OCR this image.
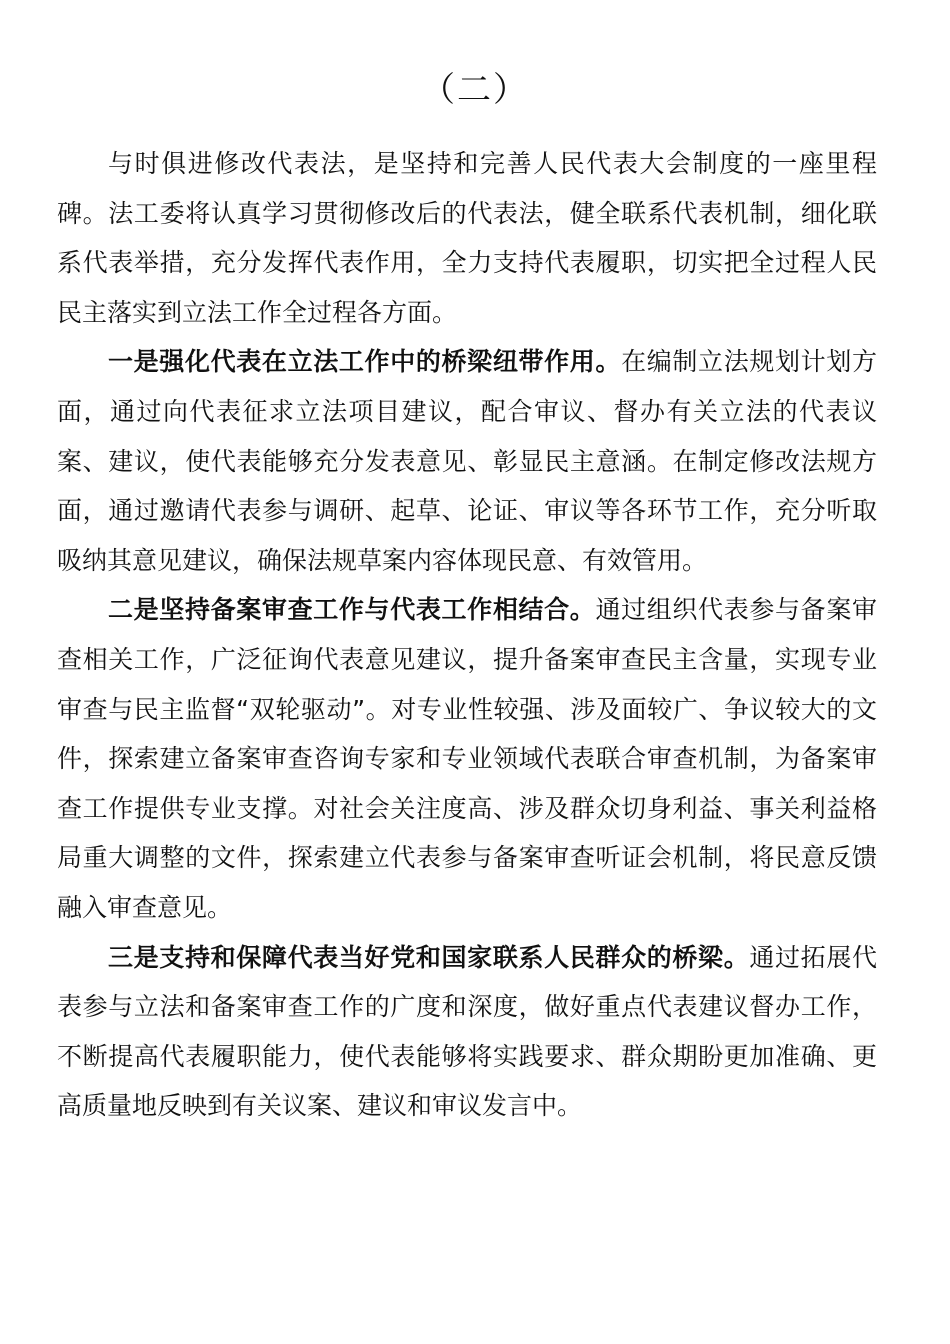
（二）

与时俱进修改代表法，是坚持和完善人民代表大会制度的一座里程碑。法工委将认真学习贯彻修改后的代表法，健全联系代表机制，细化联系代表举措，充分发挥代表作用，全力支持代表履职，切实把全过程人民民主落实到立法工作全过程各方面。

一是强化代表在立法工作中的桥梁纽带作用。在编制立法规划计划方面，通过向代表征求立法项目建议，配合审议、督办有关立法的代表议案、建议，使代表能够充分发表意见、彰显民主意涵。在制定修改法规方面，通过邀请代表参与调研、起草、论证、审议等各环节工作，充分听取吸纳其意见建议，确保法规草案内容体现民意、有效管用。

二是坚持备案审查工作与代表工作相结合。通过组织代表参与备案审查相关工作，广泛征询代表意见建议，提升备案审查民主含量，实现专业审查与民主监督“双轮驱动”。对专业性较强、涉及面较广、争议较大的文件，探索建立备案审查咨询专家和专业领域代表联合审查机制，为备案审查工作提供专业支撑。对社会关注度高、涉及群众切身利益、事关利益格局重大调整的文件，探索建立代表参与备案审查听证会机制，将民意反馈融入审查意见。

三是支持和保障代表当好党和国家联系人民群众的桥梁。通过拓展代表参与立法和备案审查工作的广度和深度，做好重点代表建议督办工作，不断提高代表履职能力，使代表能够将实践要求、群众期盼更加准确、更高质量地反映到有关议案、建议和审议发言中。
